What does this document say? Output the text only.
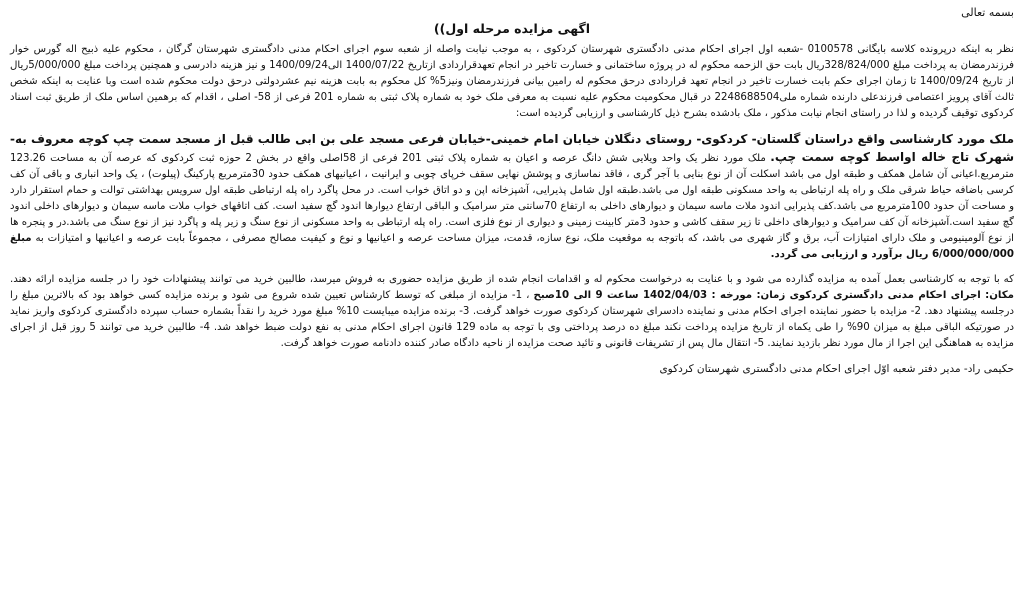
بسمه تعالی

اگهی مزایده مرحله اول))

نظر به اینکه درپرونده کلاسه بایگانی 0100578 -شعبه اول اجرای احکام مدنی دادگستری شهرستان کردکوی ، به موجب نیابت واصله از شعبه سوم اجرای احکام مدنی دادگستری شهرستان گرگان ، محکوم علیه ذبیح اله گورس خوار فرزندرمضان به پرداخت مبلغ 328/824/000ریال بابت حق الزحمه محکوم له در پروژه ساختمانی و خسارت تاخیر در انجام تعهدقراردادی ازتاریخ 1400/07/22 الی1400/09/24 و نیز هزینه دادرسی و همچنین پرداخت مبلغ 5/000/000ریال از تاریخ 1400/09/24 تا زمان اجرای حکم بابت خسارت تاخیر در انجام تعهد قراردادی درحق محکوم له رامین بیانی فرزندرمضان ونیز5% کل محکوم به بابت هزینه نیم عشردولتی درحق دولت محکوم شده است وبا عنایت به اینکه شخص ثالث آقای پرویز اعتصامی فرزندعلی دارنده شماره ملی2248688504 در قبال محکومیت محکوم علیه نسبت به معرفی ملک خود به شماره پلاک ثبتی به شماره 201 فرعی از 58- اصلی ، اقدام که برهمین اساس ملک از طریق ثبت اسناد کردکوی توقیف گردیده و لذا در راستای انجام نیابت مذکور ، ملک بادشده بشرح ذیل کارشناسی و ارزیابی گردیده است:

ملک مورد کارشناسی واقع دراستان گلستان- کردکوی- روستای دنگلان خیابان امام خمینی-خیابان فرعی مسجد علی بن ابی طالب قبل از مسجد سمت چپ کوچه معروف به- شهرک تاج خاله اواسط کوچه سمت چپ. ملک مورد نظر یک واحد ویلایی شش دانگ عرصه و اعیان به شماره پلاک ثبتی 201 فرعی از 58اصلی واقع در بخش 2 حوزه ثبت کردکوی که عرصه آن به مساحت 123.26 مترمربع.اعیانی آن شامل همکف و طبقه اول می باشد اسکلت آن از نوع بنایی با آجر گری ، فاقد نماسازی و پوشش نهایی سقف خرپای چوبی و ایرانیت ، اعیانیهای همکف حدود 30مترمربع پارکینگ (پیلوت) ، یک واحد انباری و باقی آن کف کرسی باضافه حیاط شرقی ملک و راه پله ارتباطی به واحد مسکونی طبقه اول می باشد.طبقه اول شامل پذیرایی، آشپزخانه اپن و دو اتاق خواب است. در محل پاگرد راه پله ارتباطی طبقه اول سرویس بهداشتی توالت و حمام استقرار دارد و مساحت آن حدود 100مترمربع می باشد.کف پذیرایی اندود ملات ماسه سیمان و دیوارهای داخلی به ارتفاع 70سانتی متر سرامیک و الباقی ارتفاع دیوارها اندود گچ سفید است. کف اتاقهای خواب ملات ماسه سیمان و دیوارهای داخلی اندود گچ سفید است.آشپزخانه آن کف سرامیک و دیوارهای داخلی تا زیر سقف کاشی و حدود 3متر کابینت زمینی و دیواری از نوع فلزی است. راه پله ارتباطی به واحد مسکونی از نوع سنگ و زیر پله و پاگرد نیز از نوع سنگ می باشد.در و پنجره ها از نوع آلومینیومی و ملک دارای امتیازات آب، برق و گاز شهری می باشد، که باتوجه به موقعیت ملک، نوع سازه، قدمت، میزان مساحت عرصه و اعیانیها و نوع و کیفیت مصالح مصرفی ، مجموعاً بابت عرصه و اعیانیها و امتیازات به مبلغ 6/000/000/000 ریال برآورد و ارزیابی می گردد.

که با توجه به کارشناسی بعمل آمده به مزایده گذارده می شود و با عنایت به درخواست محکوم له و اقدامات انجام شده از طریق مزایده حضوری به فروش میرسد، طالبین خرید می توانند پیشنهادات خود را در جلسه مزایده ارائه دهند. مکان: اجرای احکام مدنی دادگستری کردکوی زمان: مورخه : 1402/04/03 ساعت 9 الی 10صبح ، 1- مزایده از مبلغی که توسط کارشناس تعیین شده شروع می شود و برنده مزایده کسی خواهد بود که بالاترین مبلغ را درجلسه پیشنهاد دهد. 2- مزایده با حضور نماینده اجرای احکام مدنی و نماینده دادسرای شهرستان کردکوی صورت خواهد گرفت. 3- برنده مزایده میبایست 10% مبلغ مورد خرید را نقداً بشماره حساب سپرده دادگستری کردکوی واریز نماید در صورتیکه الباقی مبلغ به میزان 90% را طی یکماه از تاریخ مزایده پرداخت نکند مبلغ ده درصد پرداختی وی با توجه به ماده 129 قانون اجرای احکام مدنی به نفع دولت ضبط خواهد شد. 4- طالبین خرید می توانند 5 روز قبل از اجرای مزایده به هماهنگی این اجرا از مال مورد نظر بازدید نمایند. 5- انتقال مال پس از تشریفات قانونی و تائید صحت مزایده از ناحیه دادگاه صادر کننده دادنامه صورت خواهد گرفت.

حکیمی راد- مدیر دفتر شعبه اوّل اجرای احکام مدنی دادگستری شهرستان کردکوی
